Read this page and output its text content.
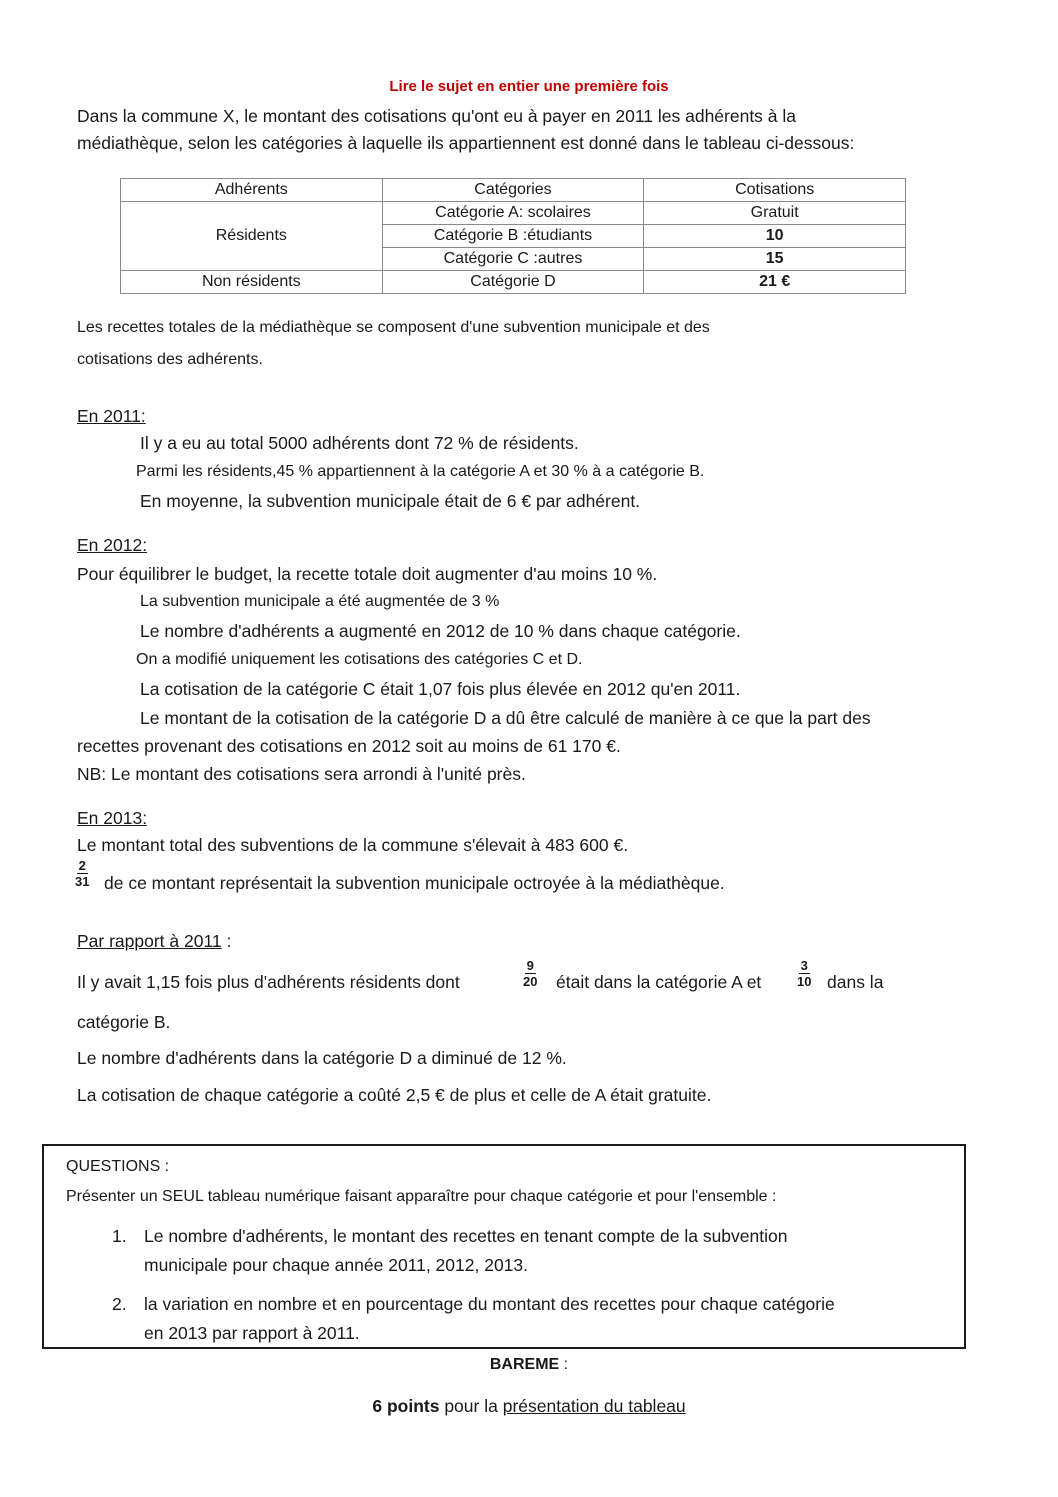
Lire le sujet en entier une première fois
Dans la commune X, le montant des cotisations qu'ont eu à payer en 2011 les adhérents à la
médiathèque, selon les catégories à laquelle ils appartiennent est donné dans le tableau ci-dessous:
Adhérents	Catégories	Cotisations
Résidents	Catégorie A: scolaires	Gratuit
	Catégorie B :étudiants	10
	Catégorie C :autres	15
Non résidents	Catégorie D	21 €
Les recettes totales de la médiathèque se composent d'une subvention municipale et des
cotisations des adhérents.
En 2011:
Il y a eu au total 5000 adhérents dont 72 % de résidents.
Parmi les résidents,45 % appartiennent à la catégorie A et 30 % à a catégorie B.
En moyenne, la subvention municipale était de 6 € par adhérent.
En 2012:
Pour équilibrer le budget, la recette totale doit augmenter d'au moins 10 %.
La subvention municipale a été augmentée de 3 %
Le nombre d'adhérents a augmenté en 2012 de 10 % dans chaque catégorie.
On a modifié uniquement les cotisations des catégories C et D.
La cotisation de la catégorie C était 1,07 fois plus élevée en 2012 qu'en 2011.
Le montant de la cotisation de la catégorie D a dû être calculé de manière à ce que la part des
recettes provenant des cotisations en 2012 soit au moins de 61 170 €.
NB: Le montant des cotisations sera arrondi à l'unité près.
En 2013:
Le montant total des subventions de la commune s'élevait à 483 600 €.
$\frac{2}{31}$ de ce montant représentait la subvention municipale octroyée à la médiathèque.
Par rapport à 2011 :
Il y avait 1,15 fois plus d'adhérents résidents dont	$\frac{9}{20}$ était dans la catégorie A et	$\frac{3}{10}$ dans la
catégorie B.
Le nombre d'adhérents dans la catégorie D a diminué de 12 %.
La cotisation de chaque catégorie a coûté 2,5 € de plus et celle de A était gratuite.
QUESTIONS :
Présenter un SEUL tableau numérique faisant apparaître pour chaque catégorie et pour l'ensemble :
1. Le nombre d'adhérents, le montant des recettes en tenant compte de la subvention
municipale pour chaque année 2011, 2012, 2013.
2. la variation en nombre et en pourcentage du montant des recettes pour chaque catégorie
en 2013 par rapport à 2011.
BAREME :
6 points pour la présentation du tableau
